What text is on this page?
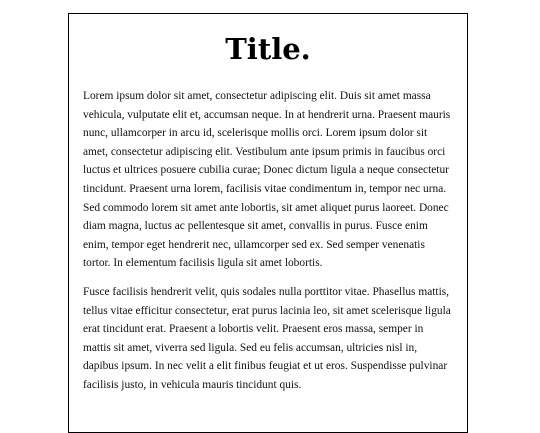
Title.

Lorem ipsum dolor sit amet, consectetur adipiscing elit. Duis sit amet massa vehicula, vulputate elit et, accumsan neque. In at hendrerit urna. Praesent mauris nunc, ullamcorper in arcu id, scelerisque mollis orci. Lorem ipsum dolor sit amet, consectetur adipiscing elit. Vestibulum ante ipsum primis in faucibus orci luctus et ultrices posuere cubilia curae; Donec dictum ligula a neque consectetur tincidunt. Praesent urna lorem, facilisis vitae condimentum in, tempor nec urna. Sed commodo lorem sit amet ante lobortis, sit amet aliquet purus laoreet. Donec diam magna, luctus ac pellentesque sit amet, convallis in purus. Fusce enim enim, tempor eget hendrerit nec, ullamcorper sed ex. Sed semper venenatis tortor. In elementum facilisis ligula sit amet lobortis.

Fusce facilisis hendrerit velit, quis sodales nulla porttitor vitae. Phasellus mattis, tellus vitae efficitur consectetur, erat purus lacinia leo, sit amet scelerisque ligula erat tincidunt erat. Praesent a lobortis velit. Praesent eros massa, semper in mattis sit amet, viverra sed ligula. Sed eu felis accumsan, ultricies nisl in, dapibus ipsum. In nec velit a elit finibus feugiat et ut eros. Suspendisse pulvinar facilisis justo, in vehicula mauris tincidunt quis.
